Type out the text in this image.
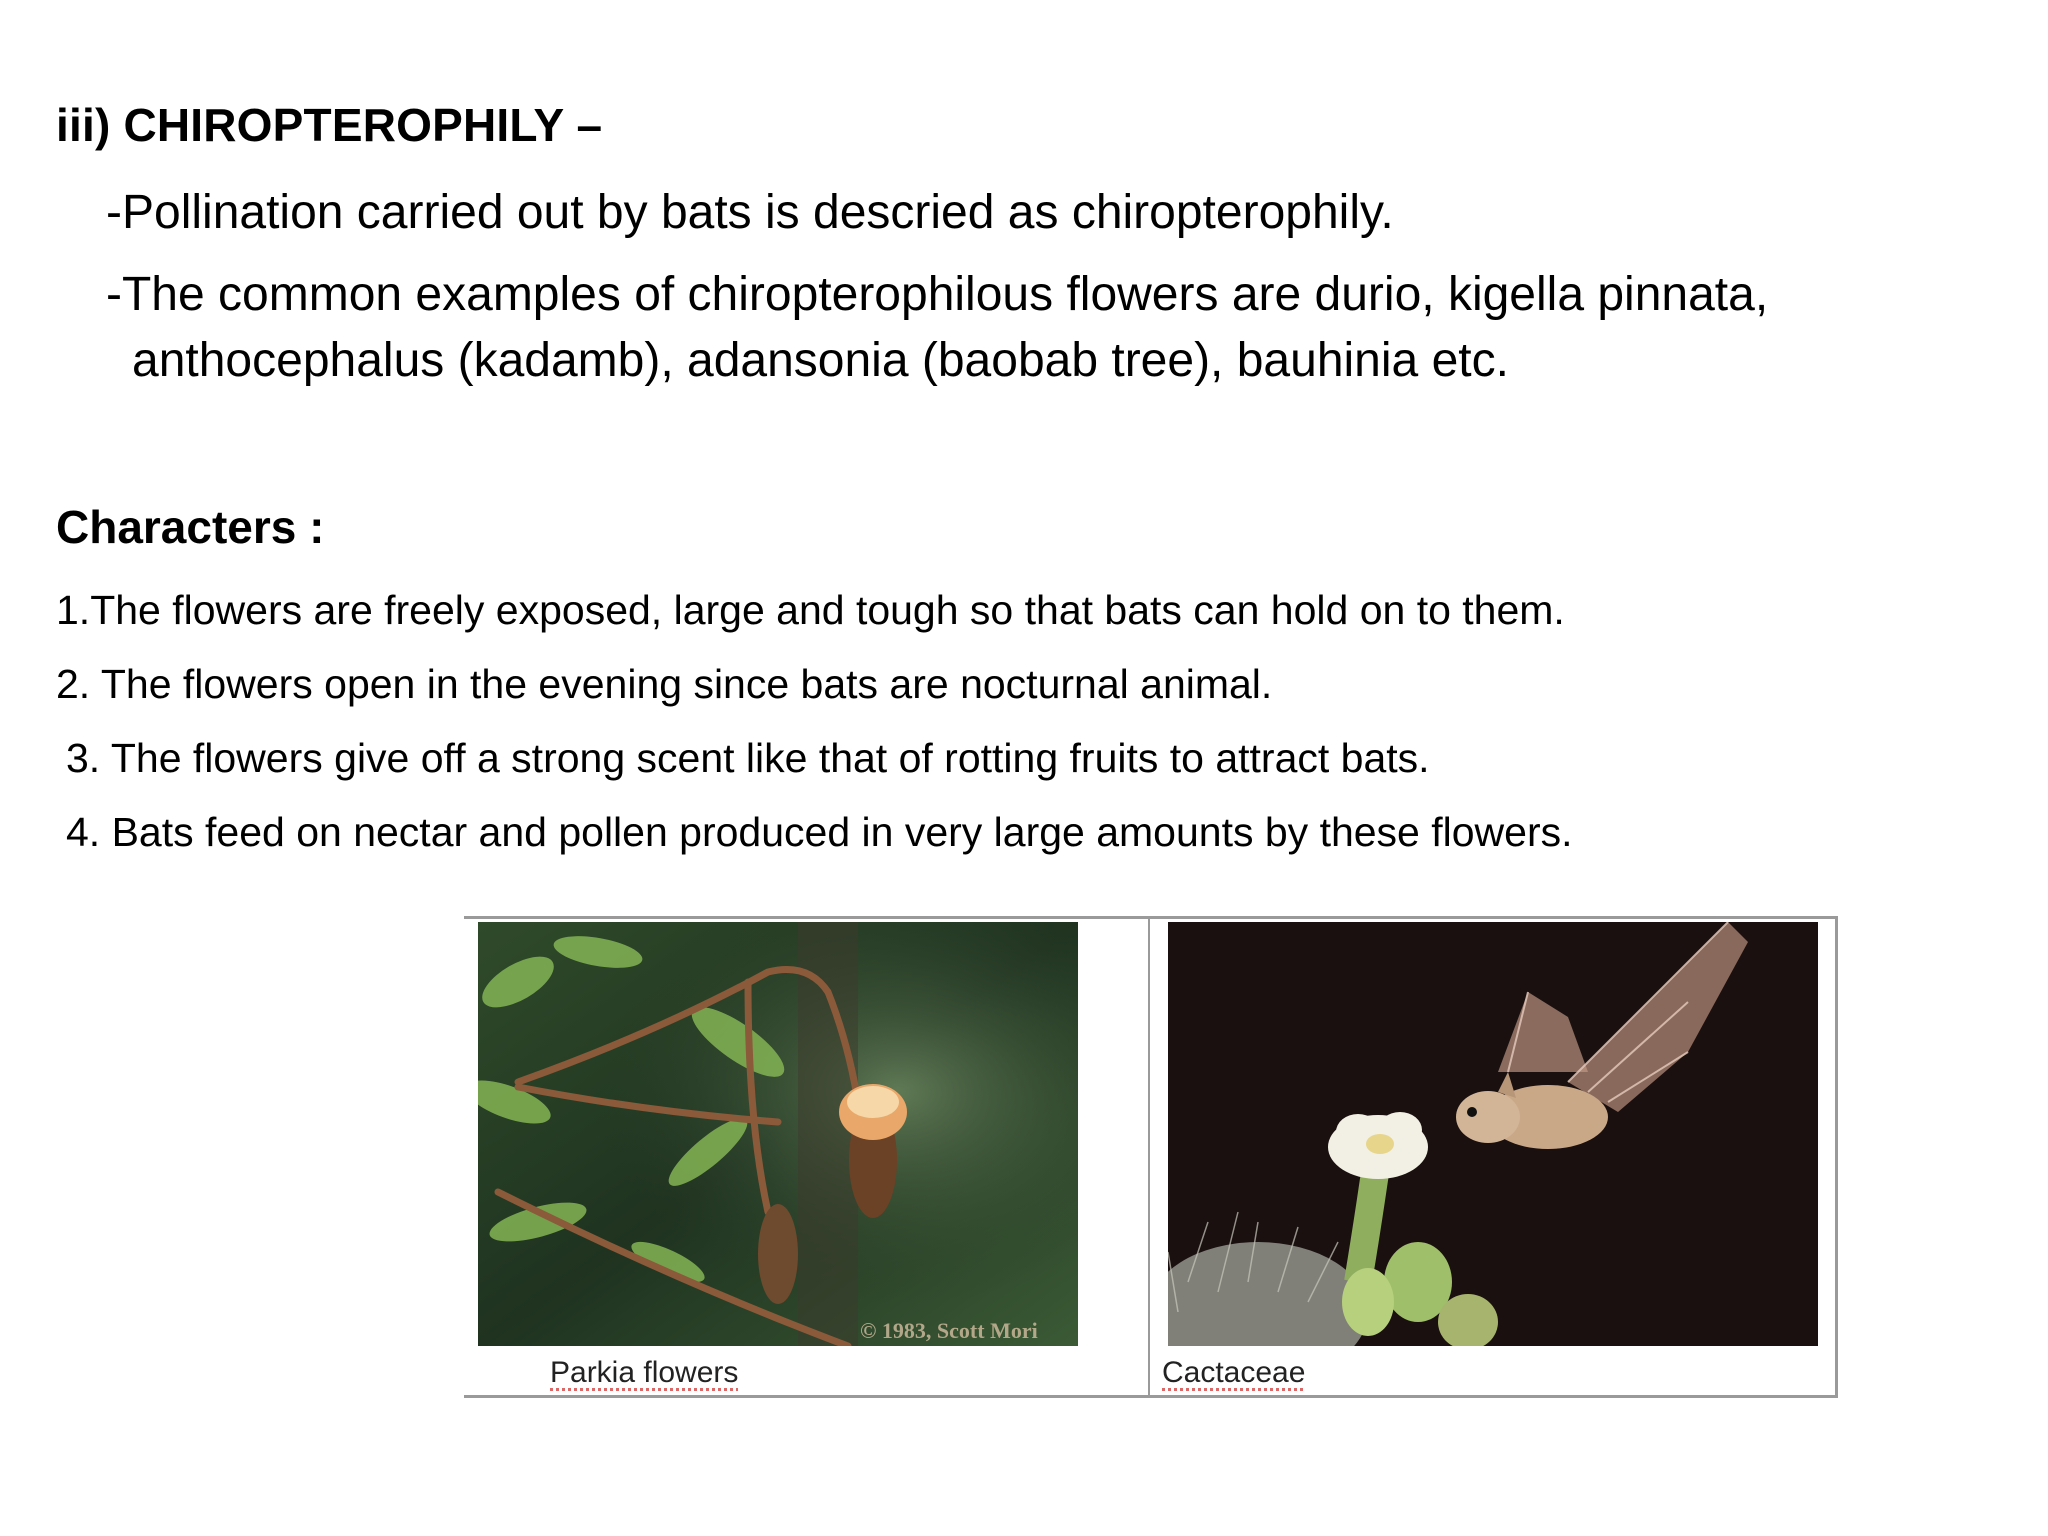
iii) CHIROPTEROPHILY –
-Pollination carried out by bats is descried as chiropterophily.
-The common examples of chiropterophilous flowers are durio, kigella pinnata,
anthocephalus (kadamb), adansonia (baobab tree), bauhinia etc.
Characters :
1.The flowers are freely exposed, large and tough so that bats can hold on to them.
2. The flowers open in the evening since bats are nocturnal animal.
3. The flowers give off a strong scent like that of rotting fruits to attract bats.
4. Bats feed on nectar and pollen produced in very large amounts by these flowers.
© 1983, Scott Mori
Parkia flowers	Cactaceae
